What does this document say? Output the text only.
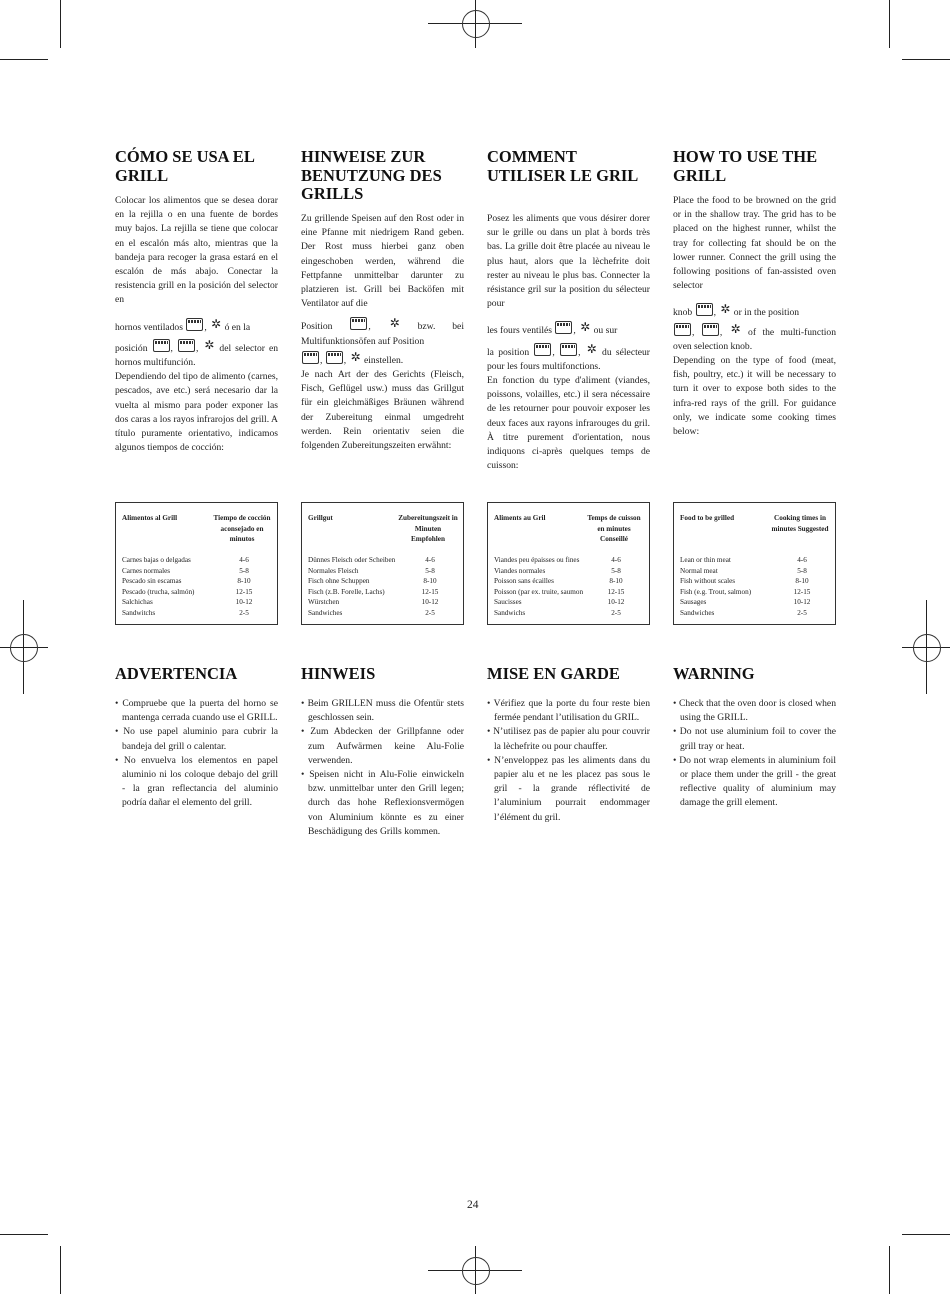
CÓMO SE USA EL GRILL
Colocar los alimentos que se desea dorar en la rejilla o en una fuente de bordes muy bajos. La rejilla se tiene que colocar en el escalón más alto, mientras que la bandeja para recoger la grasa estará en el escalón de más abajo. Conectar la resistencia grill en la posición del selector en
hornos ventilados , ✲ ó en la
posición , , ✲ del selector en hornos multifunción.
Dependiendo del tipo de alimento (carnes, pescados, ave etc.) será necesario dar la vuelta al mismo para poder exponer las dos caras a los rayos infrarojos del grill. A título puramente orientativo, indicamos algunos tiempos de cocción:
HINWEISE ZUR BENUTZUNG DES GRILLS
Zu grillende Speisen auf den Rost oder in eine Pfanne mit niedrigem Rand geben. Der Rost muss hierbei ganz oben eingeschoben werden, während die Fettpfanne unmittelbar darunter zu platzieren ist. Grill bei Backöfen mit Ventilator auf die
Position	, ✲	bzw. bei Multifunktionsöfen auf Position
, , ✲ einstellen.
Je nach Art der des Gerichts (Fleisch, Fisch, Geflügel usw.) muss das Grillgut für ein gleichmäßiges Bräunen während der Zubereitung einmal umgedreht werden. Rein orientativ seien die folgenden Zubereitungszeiten erwähnt:
COMMENT UTILISER LE GRIL
Posez les aliments que vous désirer dorer sur le grille ou dans un plat à bords très bas. La grille doit être placée au niveau le plus haut, alors que la lèchefrite doit rester au niveau le plus bas. Connecter la résistance gril sur la position du sélecteur pour
les fours ventilés , ✲ ou sur
la position , , ✲ du sélecteur pour les fours multifonctions.
En fonction du type d'aliment (viandes, poissons, volailles, etc.) il sera nécessaire de les retourner pour pouvoir exposer les deux faces aux rayons infrarouges du gril. À titre purement d'orientation, nous indiquons ci-après quelques temps de cuisson:
HOW TO USE THE GRILL
Place the food to be browned on the grid or in the shallow tray. The grid has to be placed on the highest runner, whilst the tray for collecting fat should be on the lower runner. Connect the grill using the following positions of fan-assisted oven selector
knob , ✲ or in the position
, , ✲ of the multi-function oven selection knob.
Depending on the type of food (meat, fish, poultry, etc.) it will be necessary to turn it over to expose both sides to the infra-red rays of the grill. For guidance only, we indicate some cooking times below:
Alimentos al Grill	Tiempo de cocción aconsejado en minutos
Carnes bajas o delgadas	4-6
Carnes normales	5-8
Pescado sin escamas	8-10
Pescado (trucha, salmón)	12-15
Salchichas	10-12
Sandwitchs	2-5
Grillgut	Zubereitungszeit in Minuten Empfohlen
Dünnes Fleisch oder Scheiben	4-6
Normales Fleisch	5-8
Fisch ohne Schuppen	8-10
Fisch (z.B. Forelle, Lachs)	12-15
Würstchen	10-12
Sandwiches	2-5
Aliments au Gril	Temps de cuisson en minutes Conseillé
Viandes peu épaisses ou fines	4-6
Viandes normales	5-8
Poisson sans écailles	8-10
Poisson (par ex. truite, saumon	12-15
Saucisses	10-12
Sandwichs	2-5
Food to be grilled	Cooking times in minutes Suggested
Lean or thin meat	4-6
Normal meat	5-8
Fish without scales	8-10
Fish (e.g. Trout, salmon)	12-15
Sausages	10-12
Sandwiches	2-5
ADVERTENCIA
• Compruebe que la puerta del horno se mantenga cerrada cuando use el GRILL.
• No use papel aluminio para cubrir la bandeja del grill o calentar.
• No envuelva los elementos en papel aluminio ni los coloque debajo del grill - la gran reflectancia del aluminio podría dañar el elemento del grill.
HINWEIS
• Beim GRILLEN muss die Ofentür stets geschlossen sein.
• Zum Abdecken der Grillpfanne oder zum Aufwärmen keine Alu-Folie verwenden.
• Speisen nicht in Alu-Folie einwickeln bzw. unmittelbar unter den Grill legen; durch das hohe Reflexionsvermögen von Aluminium könnte es zu einer Beschädigung des Grills kommen.
MISE EN GARDE
• Vérifiez que la porte du four reste bien fermée pendant l’utilisation du GRIL.
• N’utilisez pas de papier alu pour couvrir la lèchefrite ou pour chauffer.
• N’enveloppez pas les aliments dans du papier alu et ne les placez pas sous le gril - la grande réflectivité de l’aluminium pourrait endommager l’élément du gril.
WARNING
• Check that the oven door is closed when using the GRILL.
• Do not use aluminium foil to cover the grill tray or heat.
• Do not wrap elements in aluminium foil or place them under the grill - the great reflective quality of aluminium may damage the grill element.
24
